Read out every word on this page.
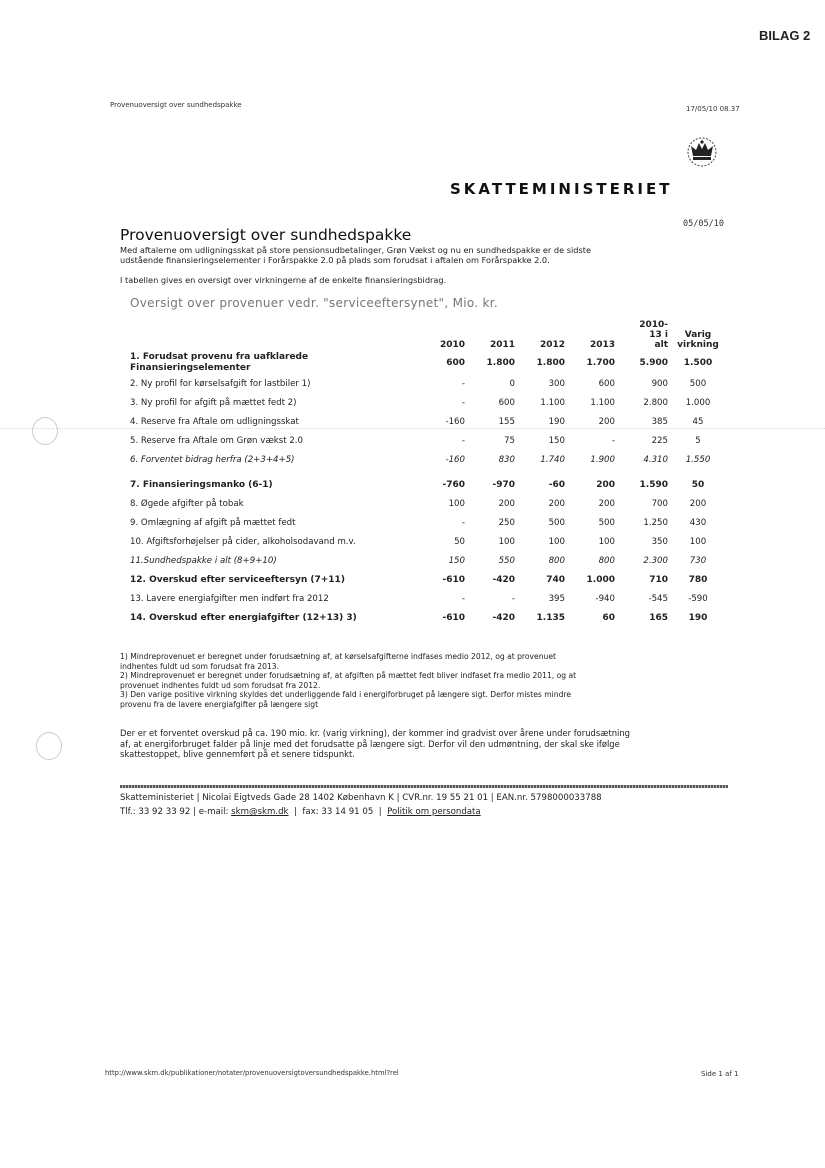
BILAG 2
Provenuoversigt over sundhedspakke	17/05/10 08.37
SKATTEMINISTERIET
05/05/10
Provenuoversigt over sundhedspakke
Med aftalerne om udligningsskat på store pensionsudbetalinger, Grøn Vækst og nu en sundhedspakke er de sidste
udstående finansieringselementer i Forårspakke 2.0 på plads som forudsat i aftalen om Forårspakke 2.0.
I tabellen gives en oversigt over virkningerne af de enkelte finansieringsbidrag.
Oversigt over provenuer vedr. "serviceeftersynet", Mio. kr.
	2010	2011	2012	2013	2010-
13 i
alt	Varig
virkning
1. Forudsat provenu fra uafklarede
Finansieringselementer	600	1.800	1.800	1.700	5.900	1.500
2. Ny profil for kørselsafgift for lastbiler 1)	-	0	300	600	900	500
3. Ny profil for afgift på mættet fedt 2)	-	600	1.100	1.100	2.800	1.000
4. Reserve fra Aftale om udligningsskat	-160	155	190	200	385	45
5. Reserve fra Aftale om Grøn vækst 2.0	-	75	150	-	225	5
6. Forventet bidrag herfra (2+3+4+5)	-160	830	1.740	1.900	4.310	1.550

7. Finansieringsmanko (6-1)	-760	-970	-60	200	1.590	50
8. Øgede afgifter på tobak	100	200	200	200	700	200
9. Omlægning af afgift på mættet fedt	-	250	500	500	1.250	430
10. Afgiftsforhøjelser på cider, alkoholsodavand m.v.	50	100	100	100	350	100
11.Sundhedspakke i alt (8+9+10)	150	550	800	800	2.300	730
12. Overskud efter serviceeftersyn (7+11)	-610	-420	740	1.000	710	780
13. Lavere energiafgifter men indført fra 2012	-	-	395	-940	-545	-590
14. Overskud efter energiafgifter (12+13) 3)	-610	-420	1.135	60	165	190
1) Mindreprovenuet er beregnet under forudsætning af, at kørselsafgifterne indfases medio 2012, og at provenuet
indhentes fuldt ud som forudsat fra 2013.
2) Mindreprovenuet er beregnet under forudsætning af, at afgiften på mættet fedt bliver indfaset fra medio 2011, og at
provenuet indhentes fuldt ud som forudsat fra 2012.
3) Den varige positive virkning skyldes det underliggende fald i energiforbruget på længere sigt. Derfor mistes mindre
provenu fra de lavere energiafgifter på længere sigt
Der er et forventet overskud på ca. 190 mio. kr. (varig virkning), der kommer ind gradvist over årene under forudsætning
af, at energiforbruget falder på linje med det forudsatte på længere sigt. Derfor vil den udmøntning, der skal ske ifølge
skattestoppet, blive gennemført på et senere tidspunkt.
Skatteministeriet | Nicolai Eigtveds Gade 28 1402 København K | CVR.nr. 19 55 21 01 | EAN.nr. 5798000033788
Tlf.: 33 92 33 92 | e-mail: skm@skm.dk  |  fax: 33 14 91 05  |  Politik om persondata
http://www.skm.dk/publikationer/notater/provenuoversigtoversundhedspakke.html?rel	Side 1 af 1
